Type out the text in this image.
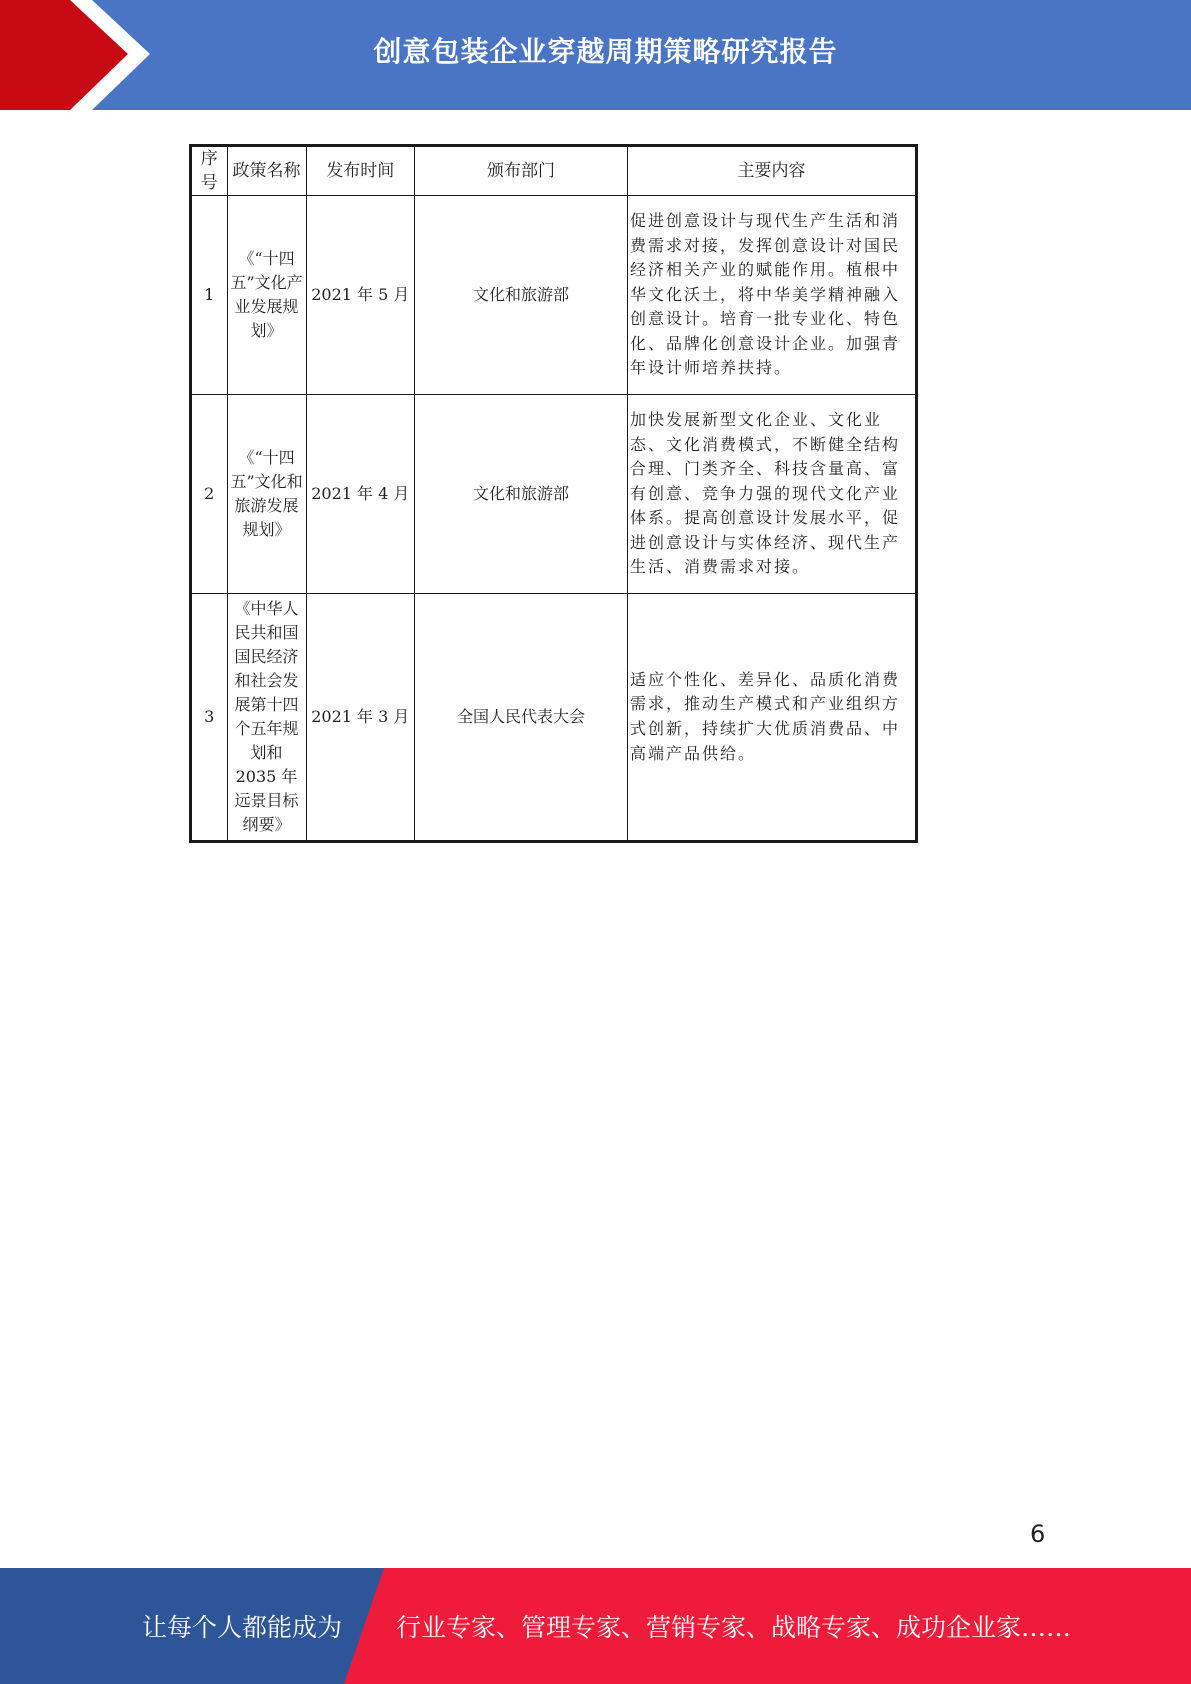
创意包装企业穿越周期策略研究报告
序号	政策名称	发布时间	颁布部门	主要内容
1	《“十四五”文化产业发展规划》	2021 年 5 月	文化和旅游部	促进创意设计与现代生产生活和消费需求对接，发挥创意设计对国民经济相关产业的赋能作用。植根中华文化沃土，将中华美学精神融入创意设计。培育一批专业化、特色化、品牌化创意设计企业。加强青年设计师培养扶持。
2	《“十四五”文化和旅游发展规划》	2021 年 4 月	文化和旅游部	加快发展新型文化企业、文化业态、文化消费模式，不断健全结构合理、门类齐全、科技含量高、富有创意、竞争力强的现代文化产业体系。提高创意设计发展水平，促进创意设计与实体经济、现代生产生活、消费需求对接。
3	《中华人民共和国国民经济和社会发展第十四个五年规划和 2035 年远景目标纲要》	2021 年 3 月	全国人民代表大会	适应个性化、差异化、品质化消费需求，推动生产模式和产业组织方式创新，持续扩大优质消费品、中高端产品供给。
6
让每个人都能成为 行业专家、管理专家、营销专家、战略专家、成功企业家……
